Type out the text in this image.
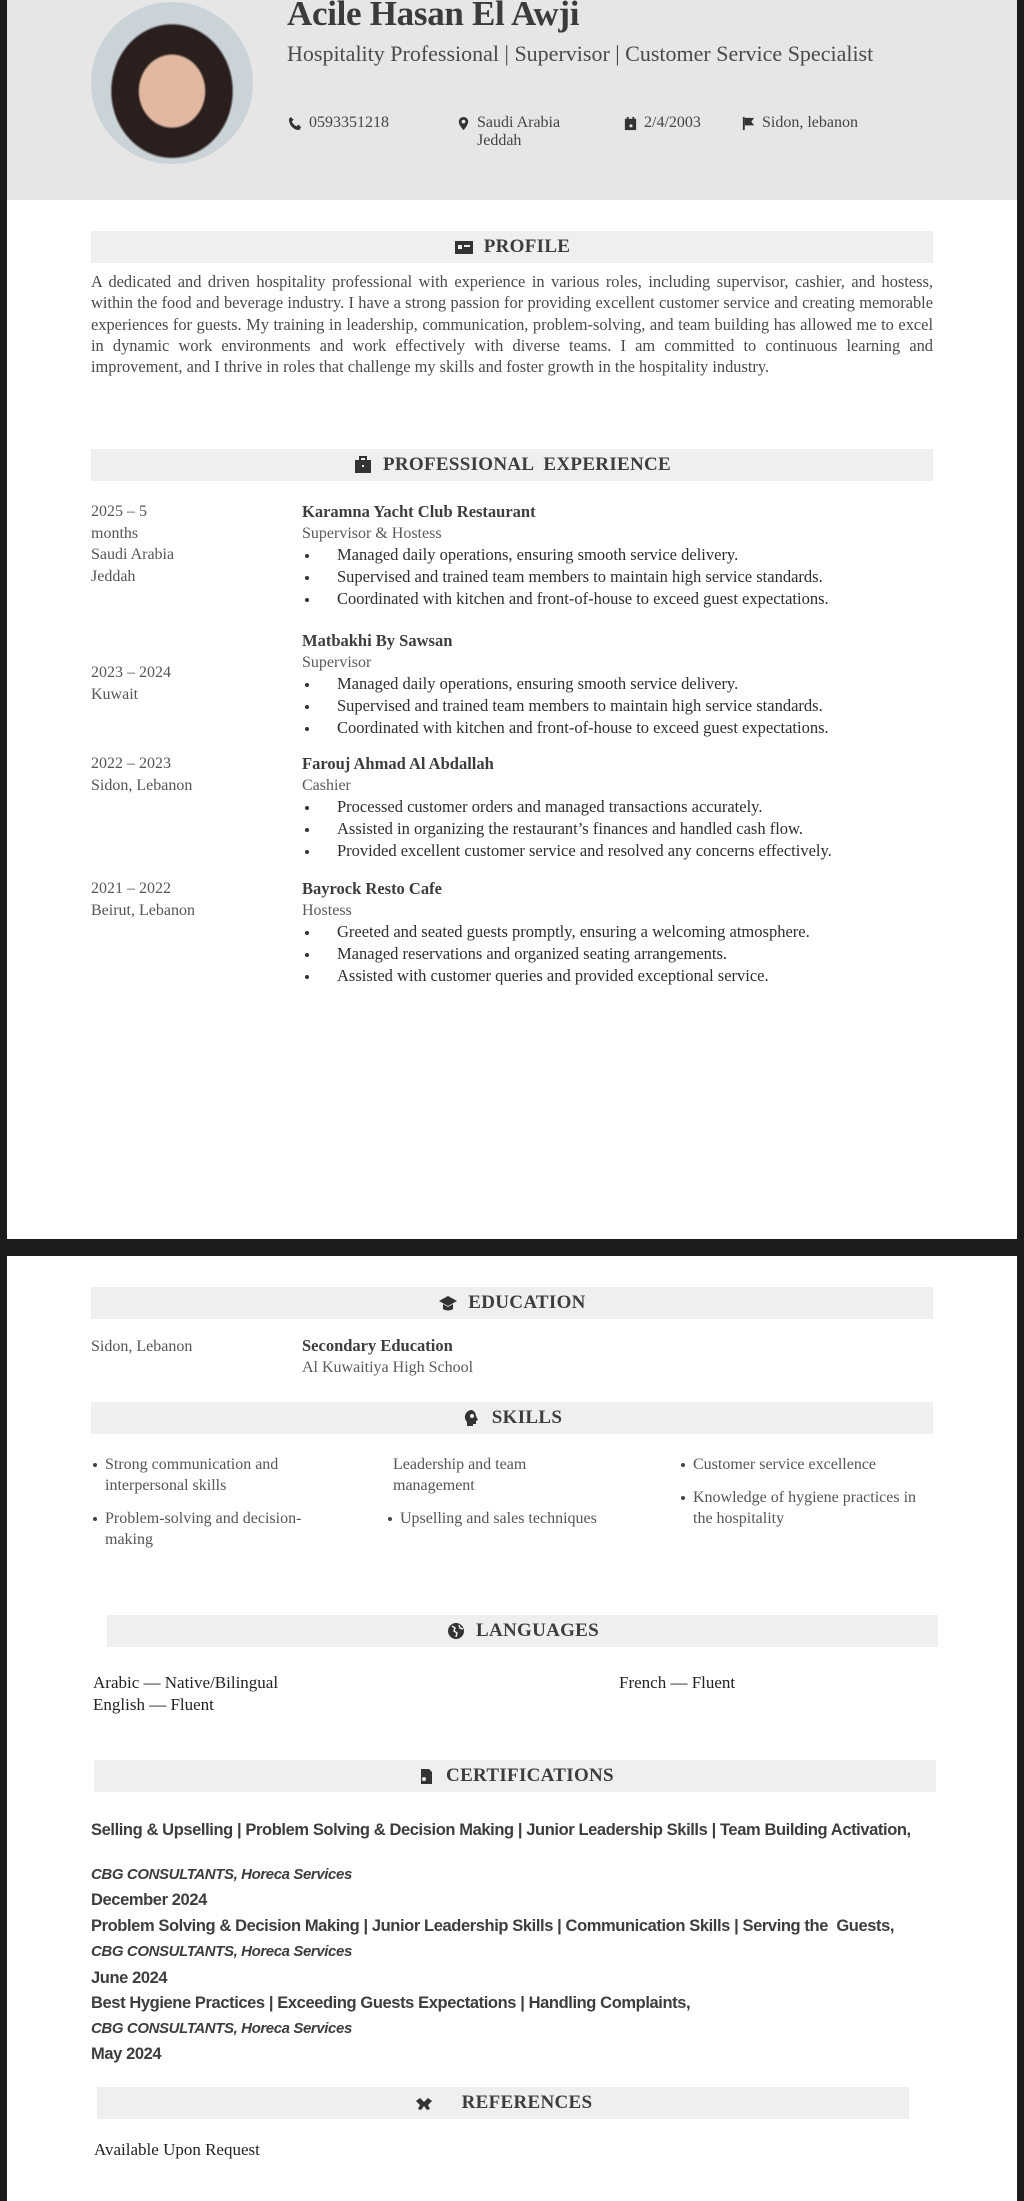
Acile Hasan El Awji
Hospitality Professional | Supervisor | Customer Service Specialist
0593351218	Saudi Arabia
Jeddah
2/4/2003	Sidon, lebanon
PROFILE
A dedicated and driven hospitality professional with experience in various roles, including supervisor, cashier, and hostess, within the food and beverage industry. I have a strong passion for providing excellent customer service and creating memorable experiences for guests. My training in leadership, communication, problem-solving, and team building has allowed me to excel in dynamic work environments and work effectively with diverse teams. I am committed to continuous learning and improvement, and I thrive in roles that challenge my skills and foster growth in the hospitality industry.
PROFESSIONAL  EXPERIENCE
2025 – 5
months
Saudi Arabia
Jeddah
Karamna Yacht Club Restaurant
Supervisor & Hostess
Managed daily operations, ensuring smooth service delivery.
Supervised and trained team members to maintain high service standards.
Coordinated with kitchen and front-of-house to exceed guest expectations.
2023 – 2024
Kuwait
Matbakhi By Sawsan
Supervisor
Managed daily operations, ensuring smooth service delivery.
Supervised and trained team members to maintain high service standards.
Coordinated with kitchen and front-of-house to exceed guest expectations.
2022 – 2023
Sidon, Lebanon
Farouj Ahmad Al Abdallah
Cashier
Processed customer orders and managed transactions accurately.
Assisted in organizing the restaurant’s finances and handled cash flow.
Provided excellent customer service and resolved any concerns effectively.
2021 – 2022
Beirut, Lebanon
Bayrock Resto Cafe
Hostess
Greeted and seated guests promptly, ensuring a welcoming atmosphere.
Managed reservations and organized seating arrangements.
Assisted with customer queries and provided exceptional service.
EDUCATION
Sidon, Lebanon	Secondary Education
Al Kuwaitiya High School
SKILLS
Strong communication and interpersonal skills
Problem-solving and decision-making
Leadership and team management
Upselling and sales techniques
Customer service excellence
Knowledge of hygiene practices in the hospitality
LANGUAGES
Arabic — Native/Bilingual
English — Fluent
French — Fluent
CERTIFICATIONS
Selling & Upselling | Problem Solving & Decision Making | Junior Leadership Skills | Team Building Activation,
CBG CONSULTANTS, Horeca Services
December 2024
Problem Solving & Decision Making | Junior Leadership Skills | Communication Skills | Serving the  Guests,
CBG CONSULTANTS, Horeca Services
June 2024
Best Hygiene Practices | Exceeding Guests Expectations | Handling Complaints,
CBG CONSULTANTS, Horeca Services
May 2024
REFERENCES
Available Upon Request
